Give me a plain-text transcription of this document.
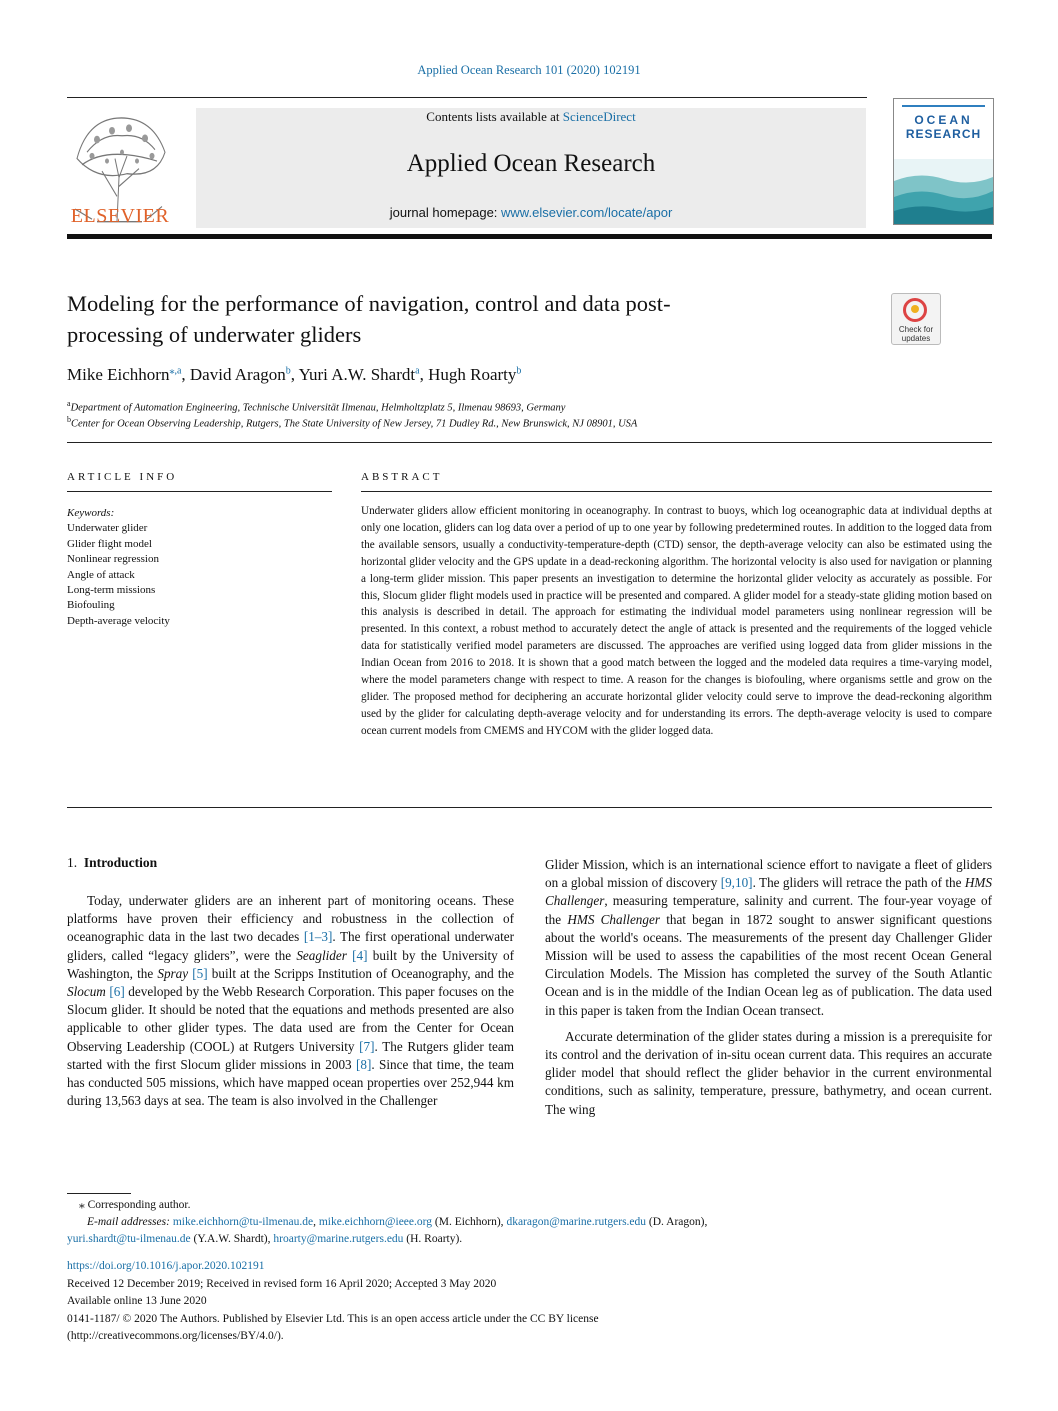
Applied Ocean Research 101 (2020) 102191
ELSEVIER
Contents lists available at ScienceDirect
Applied Ocean Research
journal homepage: www.elsevier.com/locate/apor
OCEAN
RESEARCH
Modeling for the performance of navigation, control and data post-
processing of underwater gliders	Check for updates
Mike Eichhorn$^{⁎,a}$, David Aragon$^b$, Yuri A.W. Shardt$^a$, Hugh Roarty$^b$
$^a$Department of Automation Engineering, Technische Universität Ilmenau, Helmholtzplatz 5, Ilmenau 98693, Germany
$^b$Center for Ocean Observing Leadership, Rutgers, The State University of New Jersey, 71 Dudley Rd., New Brunswick, NJ 08901, USA
ARTICLE INFO	ABSTRACT
Keywords:
Underwater glider
Glider flight model
Nonlinear regression
Angle of attack
Long-term missions
Biofouling
Depth-average velocity
Underwater gliders allow efficient monitoring in oceanography. In contrast to buoys, which log oceanographic data at individual depths at only one location, gliders can log data over a period of up to one year by following predetermined routes. In addition to the logged data from the available sensors, usually a conductivity-temperature-depth (CTD) sensor, the depth-average velocity can also be estimated using the horizontal glider velocity and the GPS update in a dead-reckoning algorithm. The horizontal velocity is also used for navigation or planning a long-term glider mission. This paper presents an investigation to determine the horizontal glider velocity as accurately as possible. For this, Slocum glider flight models used in practice will be presented and compared. A glider model for a steady-state gliding motion based on this analysis is described in detail. The approach for estimating the individual model parameters using nonlinear regression will be presented. In this context, a robust method to accurately detect the angle of attack is presented and the requirements of the logged vehicle data for statistically verified model parameters are discussed. The approaches are verified using logged data from glider missions in the Indian Ocean from 2016 to 2018. It is shown that a good match between the logged and the modeled data requires a time-varying model, where the model parameters change with respect to time. A reason for the changes is biofouling, where organisms settle and grow on the glider. The proposed method for deciphering an accurate horizontal glider velocity could serve to improve the dead-reckoning algorithm used by the glider for calculating depth-average velocity and for understanding its errors. The depth-average velocity is used to compare ocean current models from CMEMS and HYCOM with the glider logged data.
1. Introduction

Today, underwater gliders are an inherent part of monitoring oceans. These platforms have proven their efficiency and robustness in the collection of oceanographic data in the last two decades [1–3]. The first operational underwater gliders, called “legacy gliders”, were the Seaglider [4] built by the University of Washington, the Spray [5] built at the Scripps Institution of Oceanography, and the Slocum [6] developed by the Webb Research Corporation. This paper focuses on the Slocum glider. It should be noted that the equations and methods presented are also applicable to other glider types. The data used are from the Center for Ocean Observing Leadership (COOL) at Rutgers University [7]. The Rutgers glider team started with the first Slocum glider missions in 2003 [8]. Since that time, the team has conducted 505 missions, which have mapped ocean properties over 252,944 km during 13,563 days at sea. The team is also involved in the Challenger

Glider Mission, which is an international science effort to navigate a fleet of gliders on a global mission of discovery [9,10]. The gliders will retrace the path of the HMS Challenger, measuring temperature, salinity and current. The four-year voyage of the HMS Challenger that began in 1872 sought to answer significant questions about the world's oceans. The measurements of the present day Challenger Glider Mission will be used to assess the capabilities of the most recent Ocean General Circulation Models. The Mission has completed the survey of the South Atlantic Ocean and is in the middle of the Indian Ocean leg as of publication. The data used in this paper is taken from the Indian Ocean transect.

Accurate determination of the glider states during a mission is a prerequisite for its control and the derivation of in-situ ocean current data. This requires an accurate glider model that should reflect the glider behavior in the current environmental conditions, such as salinity, temperature, pressure, bathymetry, and ocean current. The wing

⁎ Corresponding author.
E-mail addresses: mike.eichhorn@tu-ilmenau.de, mike.eichhorn@ieee.org (M. Eichhorn), dkaragon@marine.rutgers.edu (D. Aragon),
yuri.shardt@tu-ilmenau.de (Y.A.W. Shardt), hroarty@marine.rutgers.edu (H. Roarty).
https://doi.org/10.1016/j.apor.2020.102191
Received 12 December 2019; Received in revised form 16 April 2020; Accepted 3 May 2020
Available online 13 June 2020
0141-1187/ © 2020 The Authors. Published by Elsevier Ltd. This is an open access article under the CC BY license
(http://creativecommons.org/licenses/BY/4.0/).
